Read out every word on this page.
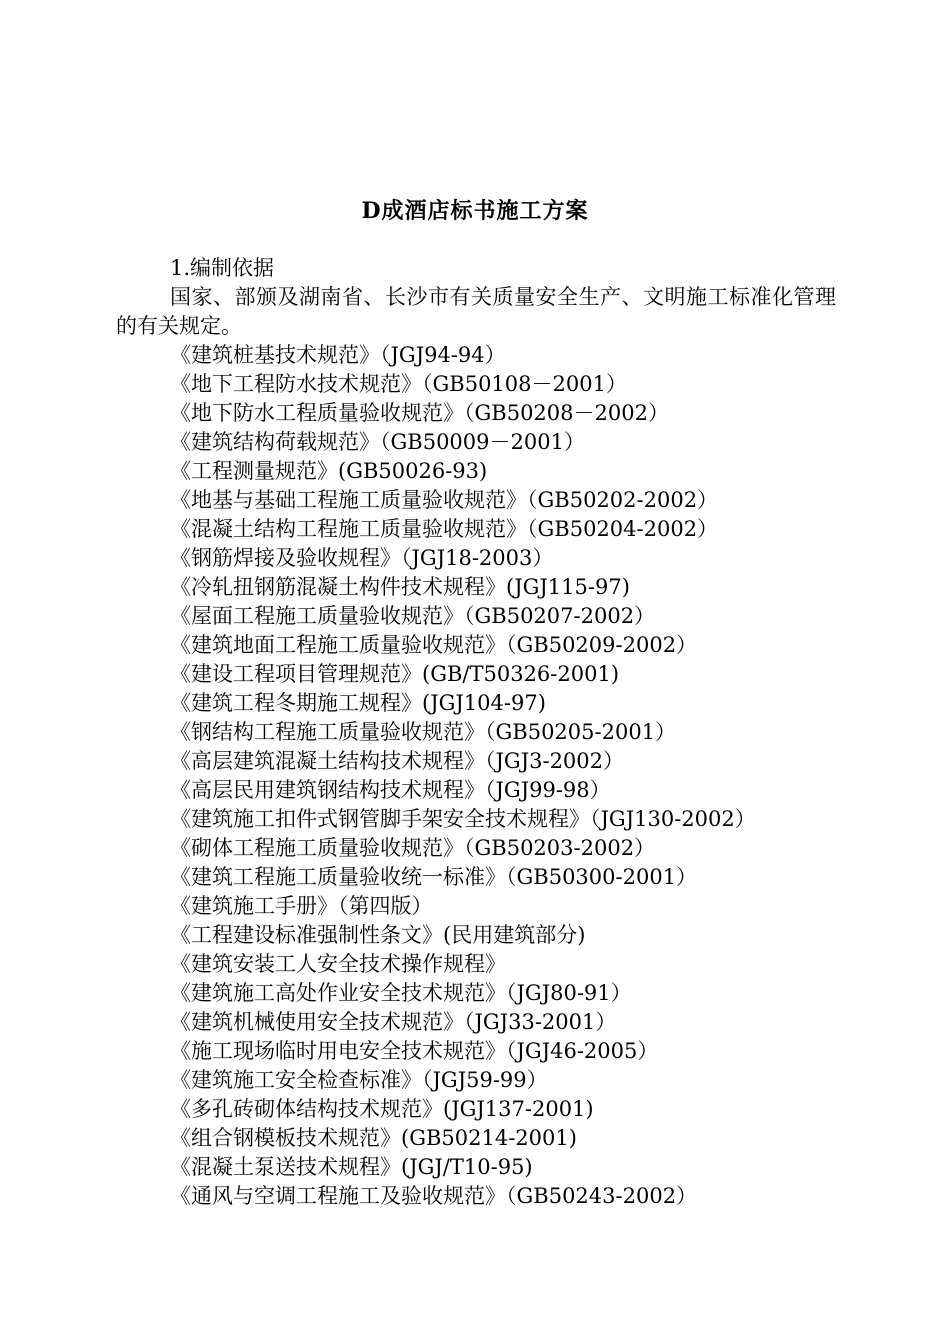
D成酒店标书施工方案
1.编制依据
国家、部颁及湖南省、长沙市有关质量安全生产、文明施工标准化管理的有关规定。
《建筑桩基技术规范》（JGJ94-94）
《地下工程防水技术规范》（GB50108－2001）
《地下防水工程质量验收规范》（GB50208－2002）
《建筑结构荷载规范》（GB50009－2001）
《工程测量规范》(GB50026-93)
《地基与基础工程施工质量验收规范》（GB50202-2002）
《混凝土结构工程施工质量验收规范》（GB50204-2002）
《钢筋焊接及验收规程》（JGJ18-2003）
《冷轧扭钢筋混凝土构件技术规程》(JGJ115-97)
《屋面工程施工质量验收规范》（GB50207-2002）
《建筑地面工程施工质量验收规范》（GB50209-2002）
《建设工程项目管理规范》(GB/T50326-2001)
《建筑工程冬期施工规程》(JGJ104-97)
《钢结构工程施工质量验收规范》（GB50205-2001）
《高层建筑混凝土结构技术规程》（JGJ3-2002）
《高层民用建筑钢结构技术规程》（JGJ99-98）
《建筑施工扣件式钢管脚手架安全技术规程》（JGJ130-2002）
《砌体工程施工质量验收规范》（GB50203-2002）
《建筑工程施工质量验收统一标准》（GB50300-2001）
《建筑施工手册》（第四版）
《工程建设标准强制性条文》(民用建筑部分)
《建筑安装工人安全技术操作规程》
《建筑施工高处作业安全技术规范》（JGJ80-91）
《建筑机械使用安全技术规范》（JGJ33-2001）
《施工现场临时用电安全技术规范》（JGJ46-2005）
《建筑施工安全检查标准》（JGJ59-99）
《多孔砖砌体结构技术规范》(JGJ137-2001)
《组合钢模板技术规范》(GB50214-2001)
《混凝土泵送技术规程》(JGJ/T10-95)
《通风与空调工程施工及验收规范》（GB50243-2002）
